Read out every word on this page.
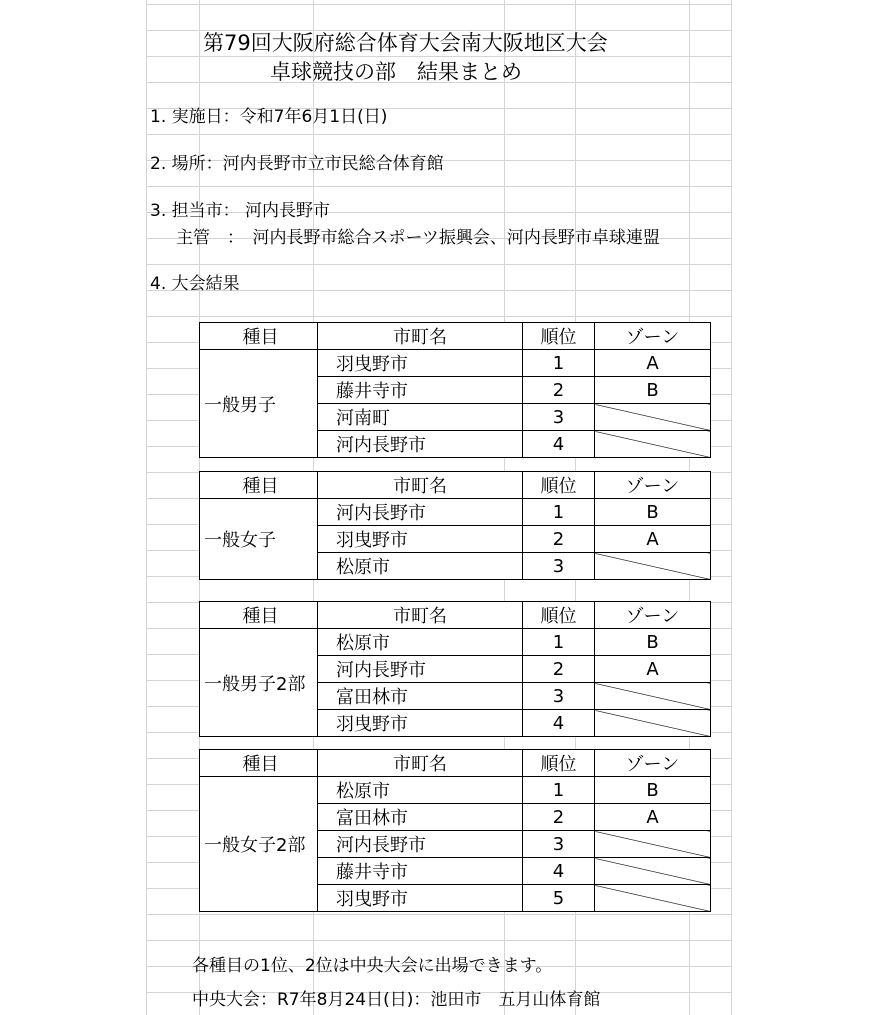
第79回大阪府総合体育大会南大阪地区大会
卓球競技の部　結果まとめ
1. 実施日：令和7年6月1日(日)
2. 場所：河内長野市立市民総合体育館
3. 担当市： 河内長野市
主管　：　河内長野市総合スポーツ振興会、河内長野市卓球連盟
4. 大会結果
種目	市町名	順位	ゾーン
一般男子	羽曳野市	1	A
	藤井寺市	2	B
	河南町	3	
	河内長野市	4	
種目	市町名	順位	ゾーン
一般女子	河内長野市	1	B
	羽曳野市	2	A
	松原市	3	
種目	市町名	順位	ゾーン
一般男子2部	松原市	1	B
	河内長野市	2	A
	富田林市	3	
	羽曳野市	4	
種目	市町名	順位	ゾーン
一般女子2部	松原市	1	B
	富田林市	2	A
	河内長野市	3	
	藤井寺市	4	
	羽曳野市	5	
各種目の1位、2位は中央大会に出場できます。
中央大会：R7年8月24日(日)：池田市　五月山体育館
